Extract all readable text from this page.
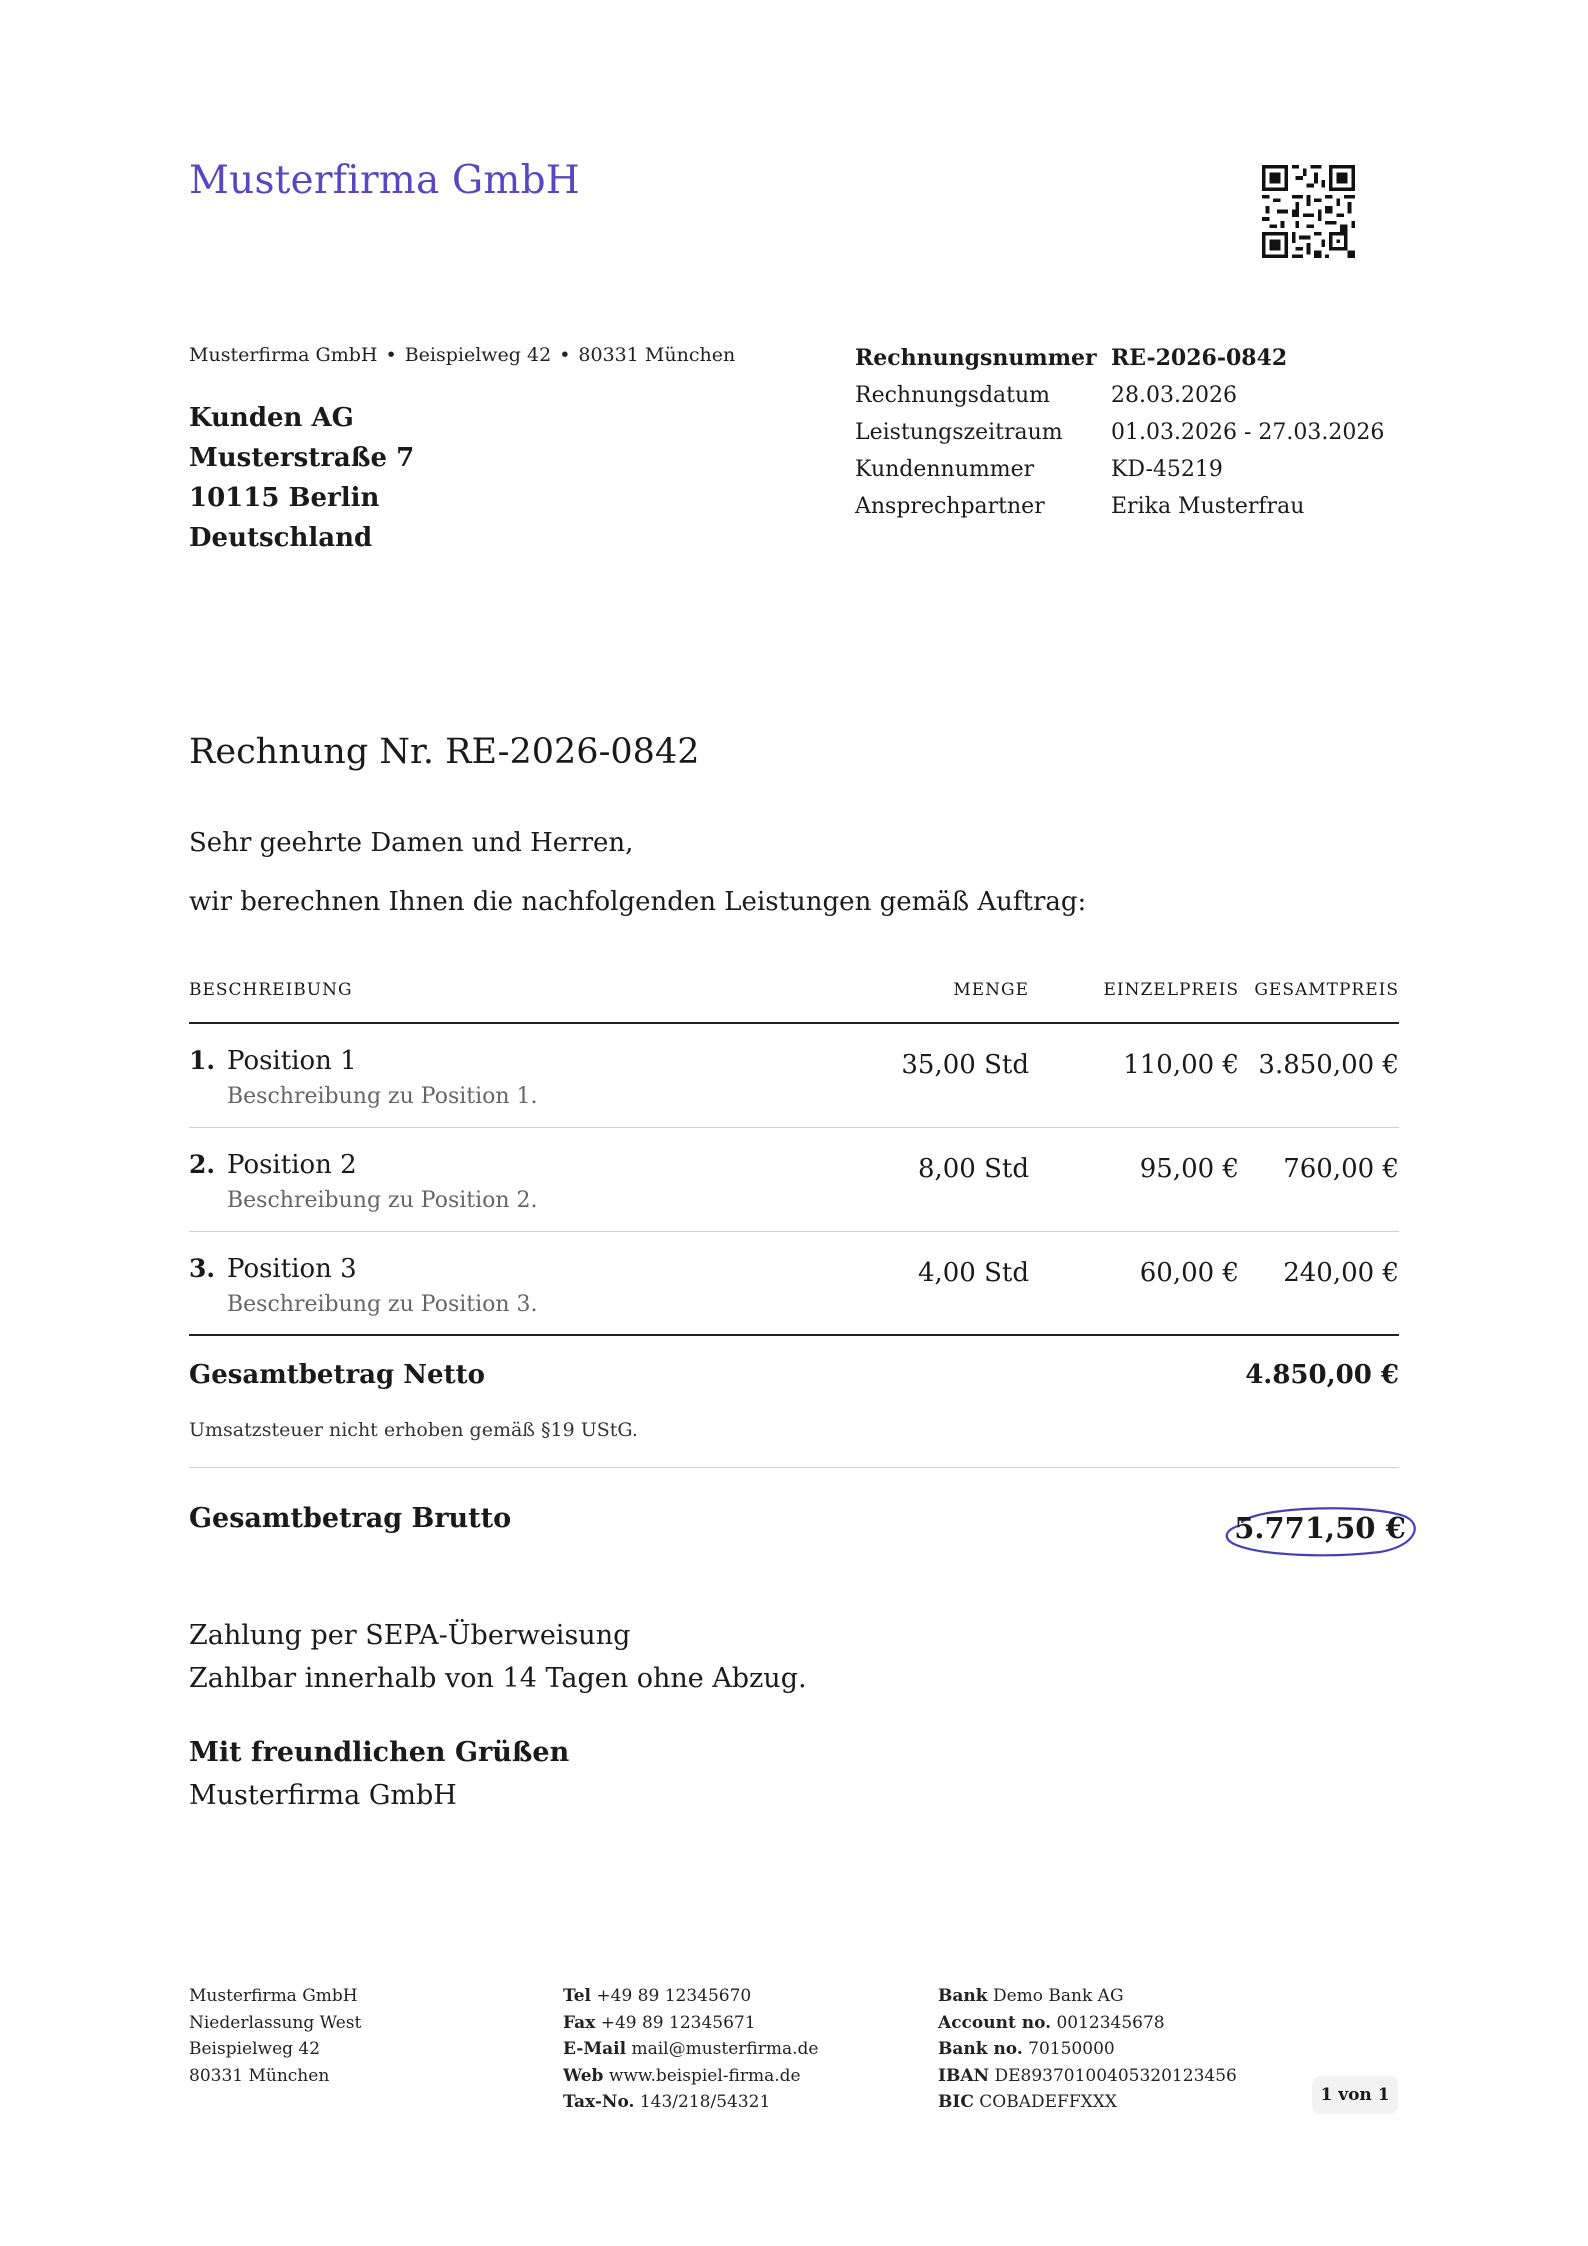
Musterfirma GmbH
Musterfirma GmbH • Beispielweg 42 • 80331 München
Kunden AG
Musterstraße 7
10115 Berlin
Deutschland
Rechnungsnummer RE-2026-0842
Rechnungsdatum	28.03.2026
Leistungszeitraum	01.03.2026 - 27.03.2026
Kundennummer	KD-45219
Ansprechpartner	Erika Musterfrau
Rechnung Nr. RE-2026-0842
Sehr geehrte Damen und Herren,
wir berechnen Ihnen die nachfolgenden Leistungen gemäß Auftrag:
BESCHREIBUNG	MENGE	EINZELPREIS GESAMTPREIS
1. Position 1
Beschreibung zu Position 1.
35,00 Std	110,00 € 3.850,00 €
2. Position 2
Beschreibung zu Position 2.
8,00 Std	95,00 €	760,00 €
3. Position 3
Beschreibung zu Position 3.
4,00 Std	60,00 €	240,00 €
Gesamtbetrag Netto	4.850,00 €
Umsatzsteuer nicht erhoben gemäß §19 UStG.
Gesamtbetrag Brutto	5.771,50 €
Zahlung per SEPA-Überweisung
Zahlbar innerhalb von 14 Tagen ohne Abzug.
Mit freundlichen Grüßen
Musterfirma GmbH
Musterfirma GmbH
Niederlassung West
Beispielweg 42
80331 München
Tel +49 89 12345670
Fax +49 89 12345671
E-Mail mail@musterfirma.de
Web www.beispiel-firma.de
Tax-No. 143/218/54321
Bank Demo Bank AG
Account no. 0012345678
Bank no. 70150000
IBAN DE89370100405320123456
BIC COBADEFFXXX	1 von 1
